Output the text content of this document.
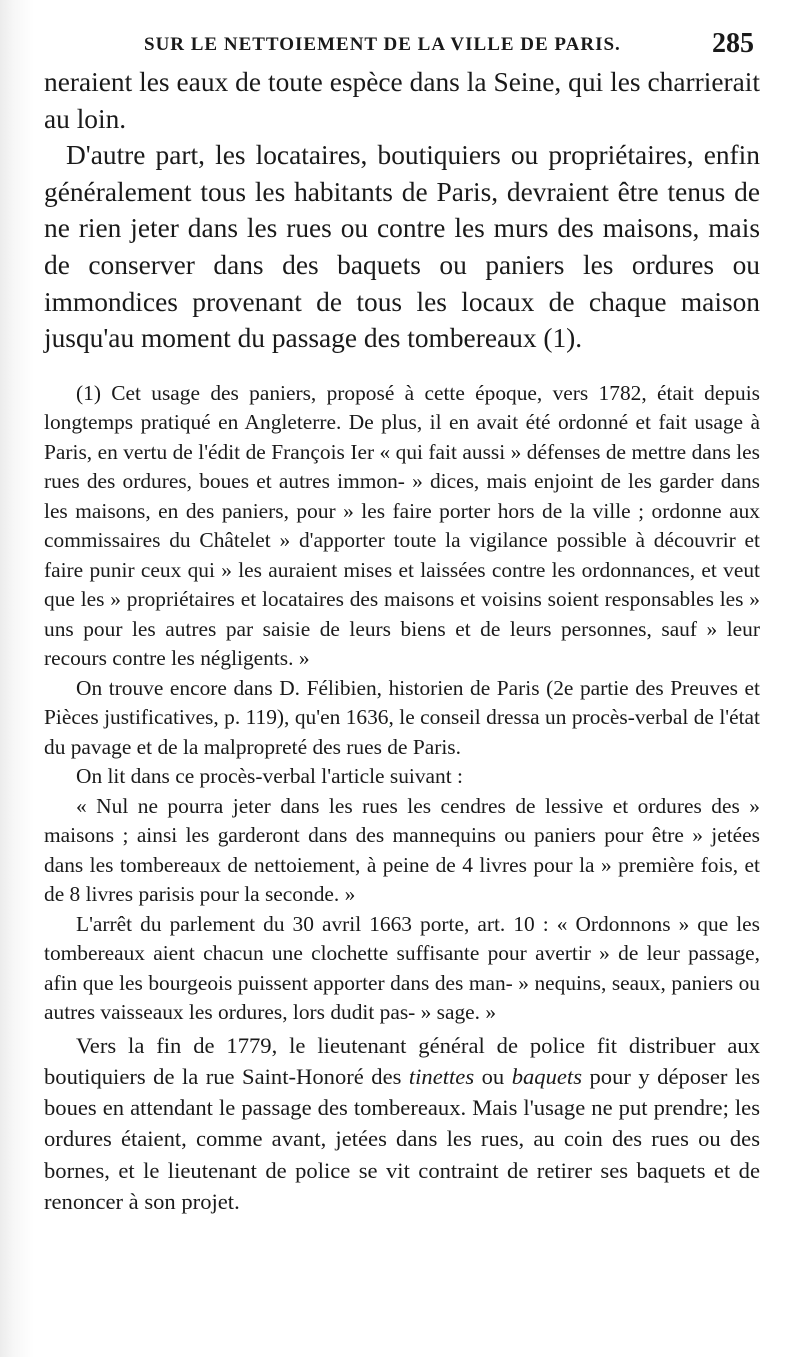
SUR LE NETTOIEMENT DE LA VILLE DE PARIS.	285

neraient les eaux de toute espèce dans la Seine, qui les charrierait au loin.

D'autre part, les locataires, boutiquiers ou propriétaires, enfin généralement tous les habitants de Paris, devraient être tenus de ne rien jeter dans les rues ou contre les murs des maisons, mais de conserver dans des baquets ou paniers les ordures ou immondices provenant de tous les locaux de chaque maison jusqu'au moment du passage des tombereaux (1).

(1) Cet usage des paniers, proposé à cette époque, vers 1782, était depuis longtemps pratiqué en Angleterre. De plus, il en avait été ordonné et fait usage à Paris, en vertu de l'édit de François Ier « qui fait aussi » défenses de mettre dans les rues des ordures, boues et autres immon- » dices, mais enjoint de les garder dans les maisons, en des paniers, pour » les faire porter hors de la ville ; ordonne aux commissaires du Châtelet » d'apporter toute la vigilance possible à découvrir et faire punir ceux qui » les auraient mises et laissées contre les ordonnances, et veut que les » propriétaires et locataires des maisons et voisins soient responsables les » uns pour les autres par saisie de leurs biens et de leurs personnes, sauf » leur recours contre les négligents. »

On trouve encore dans D. Félibien, historien de Paris (2e partie des Preuves et Pièces justificatives, p. 119), qu'en 1636, le conseil dressa un procès-verbal de l'état du pavage et de la malpropreté des rues de Paris.

On lit dans ce procès-verbal l'article suivant :

« Nul ne pourra jeter dans les rues les cendres de lessive et ordures des » maisons ; ainsi les garderont dans des mannequins ou paniers pour être » jetées dans les tombereaux de nettoiement, à peine de 4 livres pour la » première fois, et de 8 livres parisis pour la seconde. »

L'arrêt du parlement du 30 avril 1663 porte, art. 10 : « Ordonnons » que les tombereaux aient chacun une clochette suffisante pour avertir » de leur passage, afin que les bourgeois puissent apporter dans des man- » nequins, seaux, paniers ou autres vaisseaux les ordures, lors dudit pas- » sage. »

Vers la fin de 1779, le lieutenant général de police fit distribuer aux boutiquiers de la rue Saint-Honoré des tinettes ou baquets pour y déposer les boues en attendant le passage des tombereaux. Mais l'usage ne put prendre; les ordures étaient, comme avant, jetées dans les rues, au coin des rues ou des bornes, et le lieutenant de police se vit contraint de retirer ses baquets et de renoncer à son projet.
